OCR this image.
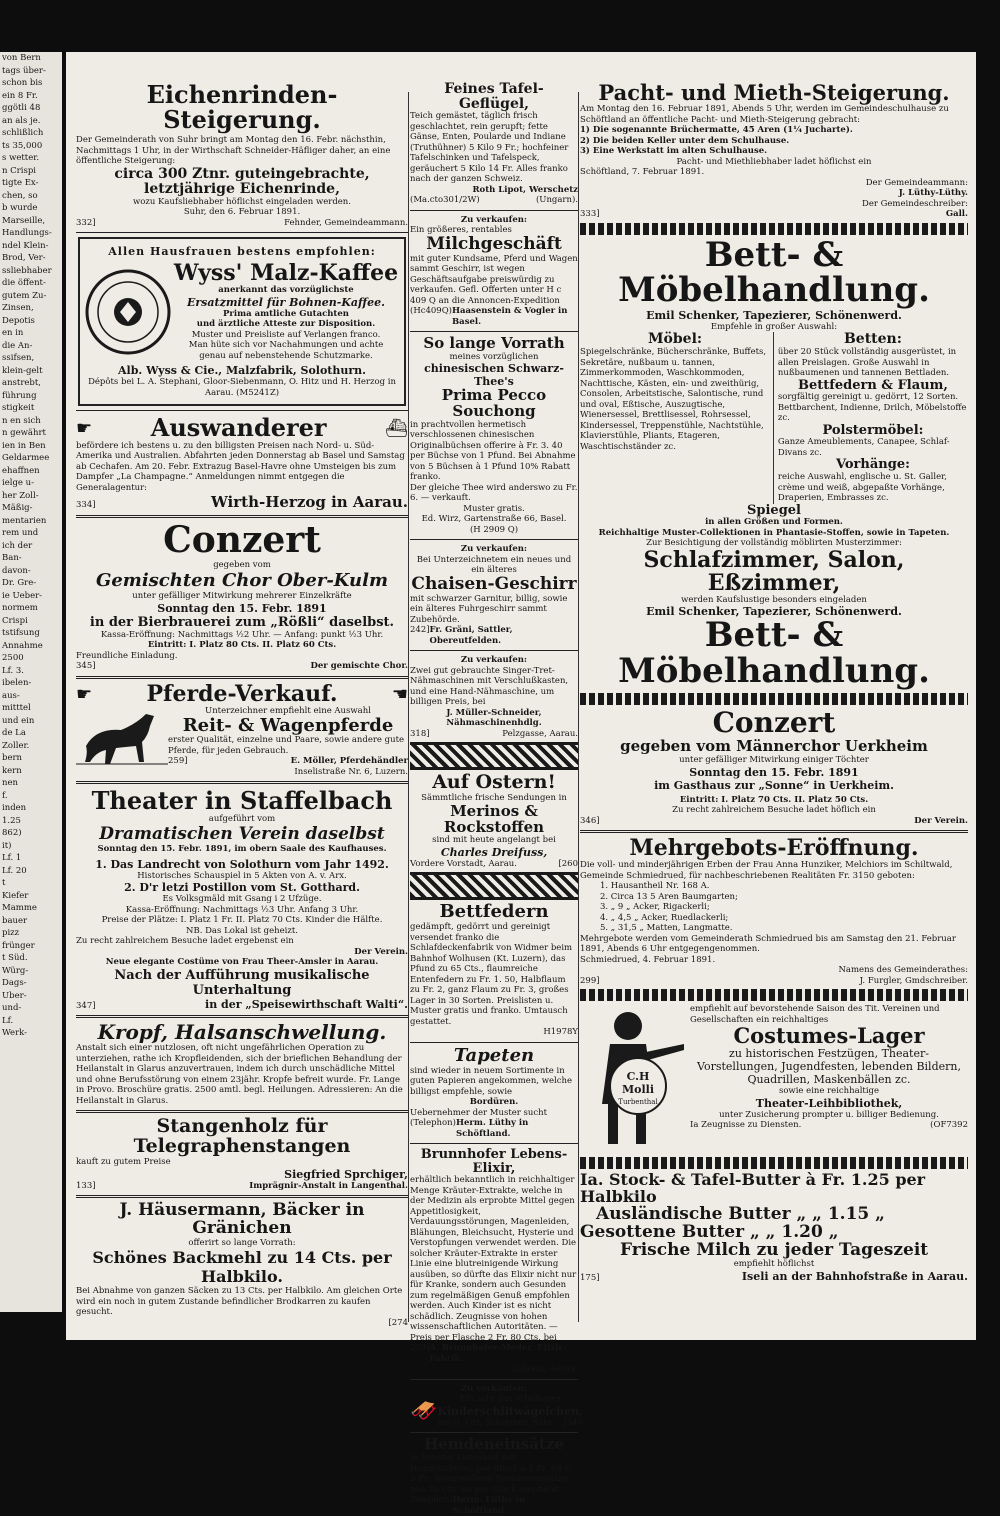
von Bern
tags über-
schon bis
ein 8 Fr.
ggötli 48
an als je.
schlißlich
ts 35,000
s wetter.
n Crispi
tigte Ex-
chen, so
b wurde
Marseille,
Handlungs-
ndel Klein-
Brod, Ver-
ssliebhaber
die öffent-
gutem Zu-
Zinsen,
Depotis
en in
die An-
ssifsen,
klein-gelt
anstrebt,
führung
stigkeit
n en sich
n gewährt
ien in Ben
Geldarmee
ehaffnen
ielge u-
her Zoll-
Mäßig-
mentarien
rem und
ich der
Ban-
davon-
Dr. Gre-
ie Ueber-
normem
Crispi
tstifsung
Annahme
2500
Lf. 3.
ibelen-
aus-
mitttel
und ein
de La
Zoller.
bern
kern
nen
f.
inden
1.25
862)
it)
Lf. 1
Lf. 20
t
Kiefer
Mamme
bauer
pizz
frünger
t Süd.
Würg-
Dags-
Uber-
und-
Lf.
Werk-
Eichenrinden-Steigerung.
Der Gemeinderath von Suhr bringt am Montag den 16. Febr. nächsthin, Nachmittags 1 Uhr, in der Wirthschaft Schneider-Häfliger daher, an eine öffentliche Steigerung:
circa 300 Ztnr. guteingebrachte, letztjährige Eichenrinde,
wozu Kaufsliebhaber höflichst eingeladen werden.
Suhr, den 6. Februar 1891.
332]	Fehnder, Gemeindeammann.
Allen Hausfrauen bestens empfohlen:
Wyss' Malz-Kaffee
anerkannt das vorzüglichste
Ersatzmittel für Bohnen-Kaffee.
Prima amtliche Gutachten
und ärztliche Atteste zur Disposition.
Muster und Preisliste auf Verlangen franco.
Man hüte sich vor Nachahmungen und achte
genau auf nebenstehende Schutzmarke.
Alb. Wyss & Cie., Malzfabrik, Solothurn.
Dépôts bei L. A. Stephani, Gloor-Siebenmann, O. Hitz und H. Herzog in Aarau. (M5241Z)
☛ Auswanderer	⛴
befördere ich bestens u. zu den billigsten Preisen nach Nord- u. Süd-Amerika und Australien. Abfahrten jeden Donnerstag ab Basel und Samstag ab Cechafen. Am 20. Febr. Extrazug Basel-Havre ohne Umsteigen bis zum Dampfer „La Champagne.“ Anmeldungen nimmt entgegen die Generalagentur:
334]	Wirth-Herzog in Aarau.
Conzert
gegeben vom
Gemischten Chor Ober-Kulm
unter gefälliger Mitwirkung mehrerer Einzelkräfte
Sonntag den 15. Febr. 1891
in der Bierbrauerei zum „Rößli“ daselbst.
Kassa-Eröffnung: Nachmittags ½2 Uhr. — Anfang: punkt ½3 Uhr.
Eintritt: I. Platz 80 Cts. II. Platz 60 Cts.
Freundliche Einladung.
345]	Der gemischte Chor.
☛ Pferde-Verkauf.	☚
Unterzeichner empfiehlt eine Auswahl
Reit- & Wagenpferde
erster Qualität, einzelne und Paare, sowie andere gute Pferde, für jeden Gebrauch.
259]	E. Möller, Pferdehändler
Inselistraße Nr. 6, Luzern.
Theater in Staffelbach
aufgeführt vom
Dramatischen Verein daselbst
Sonntag den 15. Febr. 1891, im obern Saale des Kaufhauses.
1. Das Landrecht von Solothurn vom Jahr 1492.
Historisches Schauspiel in 5 Akten von A. v. Arx.
2. D'r letzi Postillon vom St. Gotthard.
Es Volksgmäld mit Gsang i 2 Ufzüge.
Kassa-Eröffnung: Nachmittags ½3 Uhr. Anfang 3 Uhr.
Preise der Plätze: I. Platz 1 Fr. II. Platz 70 Cts. Kinder die Hälfte.
NB. Das Lokal ist geheizt.
Zu recht zahlreichem Besuche ladet ergebenst ein
Der Verein.
Neue elegante Costüme von Frau Theer-Amsler in Aarau.
Nach der Aufführung musikalische Unterhaltung
347]	in der „Speisewirthschaft Walti“.
Kropf, Halsanschwellung.
Anstalt sich einer nutzlosen, oft nicht ungefährlichen Operation zu unterziehen, rathe ich Kropfleidenden, sich der brieflichen Behandlung der Heilanstalt in Glarus anzuvertrauen, indem ich durch unschädliche Mittel und ohne Berufsstörung von einem 23jähr. Kropfe befreit wurde. Fr. Lange in Provo. Broschüre gratis. 2500 amtl. begl. Heilungen. Adressieren: An die Heilanstalt in Glarus.
Stangenholz für Telegraphenstangen
kauft zu gutem Preise
Siegfried Sprchiger,
133]	Imprägnir-Anstalt in Langenthal.
J. Häusermann, Bäcker in Gränichen
offerirt so lange Vorrath:
Schönes Backmehl zu 14 Cts. per Halbkilo.
Bei Abnahme von ganzen Säcken zu 13 Cts. per Halbkilo. Am gleichen Orte wird ein noch in gutem Zustande befindlicher Brodkarren zu kaufen gesucht.
[274
Feines Tafel-Geflügel,
Teich gemästet, täglich frisch geschlachtet, rein gerupft; fette Gänse, Enten, Poularde und Indiane (Truthühner) 5 Kilo 9 Fr.; hochfeiner Tafelschinken und Tafelspeck, geräuchert 5 Kilo 14 Fr. Alles franko nach der ganzen Schweiz.
Roth Lipot, Werschetz
(Ma.cto301/2W)	(Ungarn).
Zu verkaufen:
Ein größeres, rentables
Milchgeschäft
mit guter Kundsame, Pferd und Wagen sammt Geschirr, ist wegen Geschäftsaufgabe preiswürdig zu verkaufen. Gefl. Offerten unter H c 409 Q an die Annoncen-Expedition
(Hc409Q) Haasenstein & Vogler in Basel.
So lange Vorrath
meines vorzüglichen
chinesischen Schwarz-Thee's
Prima Pecco Souchong
in prachtvollen hermetisch verschlossenen chinesischen Originalbüchsen offerire à Fr. 3. 40 per Büchse von 1 Pfund. Bei Abnahme von 5 Büchsen à 1 Pfund 10% Rabatt franko.
Der gleiche Thee wird anderswo zu Fr. 6. — verkauft.
Muster gratis.
Ed. Wirz, Gartenstraße 66, Basel.
(H 2909 Q)
Zu verkaufen:
Bei Unterzeichnetem ein neues und ein älteres
Chaisen-Geschirr
mit schwarzer Garnitur, billig, sowie ein älteres Fuhrgeschirr sammt Zubehörde.
242] Fr. Gräni, Sattler, Obereutfelden.
Zu verkaufen:
Zwei gut gebrauchte Singer-Tret-Nähmaschinen mit Verschlußkasten, und eine Hand-Nähmaschine, um billigen Preis, bei
J. Müller-Schneider, Nähmaschinenhdlg.
318]	Pelzgasse, Aarau.
Auf Ostern!
Sämmtliche frische Sendungen in
Merinos & Rockstoffen
sind mit heute angelangt bei
Charles Dreifuss,
Vordere Vorstadt, Aarau.	[260
Bettfedern
gedämpft, gedörrt und gereinigt versendet franko die Schlafdeckenfabrik von Widmer beim Bahnhof Wolhusen (Kt. Luzern), das Pfund zu 65 Cts., flaumreiche Entenfedern zu Fr. 1. 50, Halbflaum zu Fr. 2, ganz Flaum zu Fr. 3, großes Lager in 30 Sorten. Preislisten u. Muster gratis und franko. Umtausch gestattet.
H1978Y
Tapeten
sind wieder in neuem Sortimente in guten Papieren angekommen, welche billigst empfehle, sowie
Bordüren.
Uebernehmer der Muster sucht
(Telephon) Herm. Lüthy in Schöftland.
Brunnhofer Lebens-Elixir,
erhältlich bekanntlich in reichhaltiger Menge Kräuter-Extrakte, welche in der Medizin als erprobte Mittel gegen Appetitlosigkeit, Verdauungsstörungen, Magenleiden, Blähungen, Bleichsucht, Hysterie und Verstopfungen verwendet werden. Die solcher Kräuter-Extrakte in erster Linie eine blutreinigende Wirkung ausüben, so dürfte das Elixir nicht nur für Kranke, sondern auch Gesunden zum regelmäßigen Genuß empfohlen werden. Auch Kinder ist es nicht schädlich. Zeugnisse von hohen wissenschaftlichen Autoritäten. — Preis per Flasche 2 Fr. 80 Cts. bei
239] A. Brunnhofer-Meder, Elixir-Fabrik.
Zollrain, Aarau.
Zu verkaufen:
🛷	Ein sehr gut erhaltenes
Kinderschlitwägelchen,
bei G. Ort, Schreiner, Suhr. [340
Hemdeneinsätze
in feinster Leinwand mit Handstickerei, per Stück à 1 Fr. 68 & 3 Fr.; baumwollene Hemdeneinsätze von 20 Cts. an per Stück empfiehlt
Telephon) Herm. Lüthy in Schöftland.
Pacht- und Mieth-Steigerung.
Am Montag den 16. Februar 1891, Abends 5 Uhr, werden im Gemeindeschulhause zu Schöftland an öffentliche Pacht- und Mieth-Steigerung gebracht:
1) Die sogenannte Brüchermatte, 45 Aren (1¼ Jucharte).
2) Die beiden Keller unter dem Schulhause.
3) Eine Werkstatt im alten Schulhause.
Pacht- und Miethliebhaber ladet höflichst ein
Schöftland, 7. Februar 1891.
Der Gemeindeammann:
J. Lüthy-Lüthy.
Der Gemeindeschreiber:
333]	Gall.
Bett- & Möbelhandlung.
Emil Schenker, Tapezierer, Schönenwerd.
Empfehle in großer Auswahl:
Möbel:
Spiegelschränke, Bücherschränke, Buffets, Sekretäre, nußbaum u. tannen, Zimmerkommoden, Waschkommoden, Nachttische, Kästen, ein- und zweithürig, Consolen, Arbeitstische, Salontische, rund und oval, Eßtische, Auszugtische, Wienersessel, Brettlisessel, Rohrsessel, Kindersessel, Treppenstühle, Nachtstühle, Klavierstühle, Pliants, Etageren, Waschtischständer zc.
Betten:
über 20 Stück vollständig ausgerüstet, in allen Preislagen. Große Auswahl in nußbaumenen und tannenen Bettladen.
Bettfedern & Flaum,
sorgfältig gereinigt u. gedörrt, 12 Sorten. Bettbarchent, Indienne, Drilch, Möbelstoffe zc.
Polstermöbel:
Ganze Ameublements, Canapee, Schlaf-Divans zc.
Vorhänge:
reiche Auswahl, englische u. St. Galler, crème und weiß, abgepaßte Vorhänge, Draperien, Embrasses zc.
Spiegel
in allen Größen und Formen.
Reichhaltige Muster-Collektionen in Phantasie-Stoffen, sowie in Tapeten.
Zur Besichtigung der vollständig möblirten Musterzimmer:
Schlafzimmer, Salon, Eßzimmer,
werden Kaufslustige besonders eingeladen
Emil Schenker, Tapezierer, Schönenwerd.
Bett- & Möbelhandlung.
Conzert
gegeben vom Männerchor Uerkheim
unter gefälliger Mitwirkung einiger Töchter
Sonntag den 15. Febr. 1891
im Gasthaus zur „Sonne“ in Uerkheim.
Eintritt: I. Platz 70 Cts. II. Platz 50 Cts.
Zu recht zahlreichem Besuche ladet höflich ein
346]	Der Verein.
Mehrgebots-Eröffnung.
Die voll- und minderjährigen Erben der Frau Anna Hunziker, Melchiors im Schiltwald, Gemeinde Schmiedrued, für nachbeschriebenen Realitäten Fr. 3150 geboten:
1. Hausantheil Nr. 168 A.
2. Circa 13 5 Aren Baumgarten;
3. „ 9 „ Acker, Rigackerli;
4. „ 4,5 „ Acker, Ruedlackerli;
5. „ 31,5 „ Matten, Langmatte.
Mehrgebote werden vom Gemeinderath Schmiedrued bis am Samstag den 21. Februar 1891, Abends 6 Uhr entgegengenommen.
Schmiedrued, 4. Februar 1891.
Namens des Gemeinderathes:
299]	J. Furgler, Gmdschreiber.
C.H
Molli
Turbenthal
empfiehlt auf bevorstehende Saison des Tit. Vereinen und Gesellschaften ein reichhaltiges
Costumes-Lager
zu historischen Festzügen, Theater-Vorstellungen, Jugendfesten, lebenden Bildern, Quadrillen, Maskenbällen zc.
sowie eine reichhaltige
Theater-Leihbibliothek,
unter Zusicherung prompter u. billiger Bedienung.
Ia Zeugnisse zu Diensten.	(OF7392
Ia. Stock- & Tafel-Butter à Fr. 1.25 per Halbkilo
Ausländische Butter „ „ 1.15 „
Gesottene Butter „ „ 1.20 „
Frische Milch zu jeder Tageszeit
empfiehlt höflichst
175]	Iseli an der Bahnhofstraße in Aarau.
